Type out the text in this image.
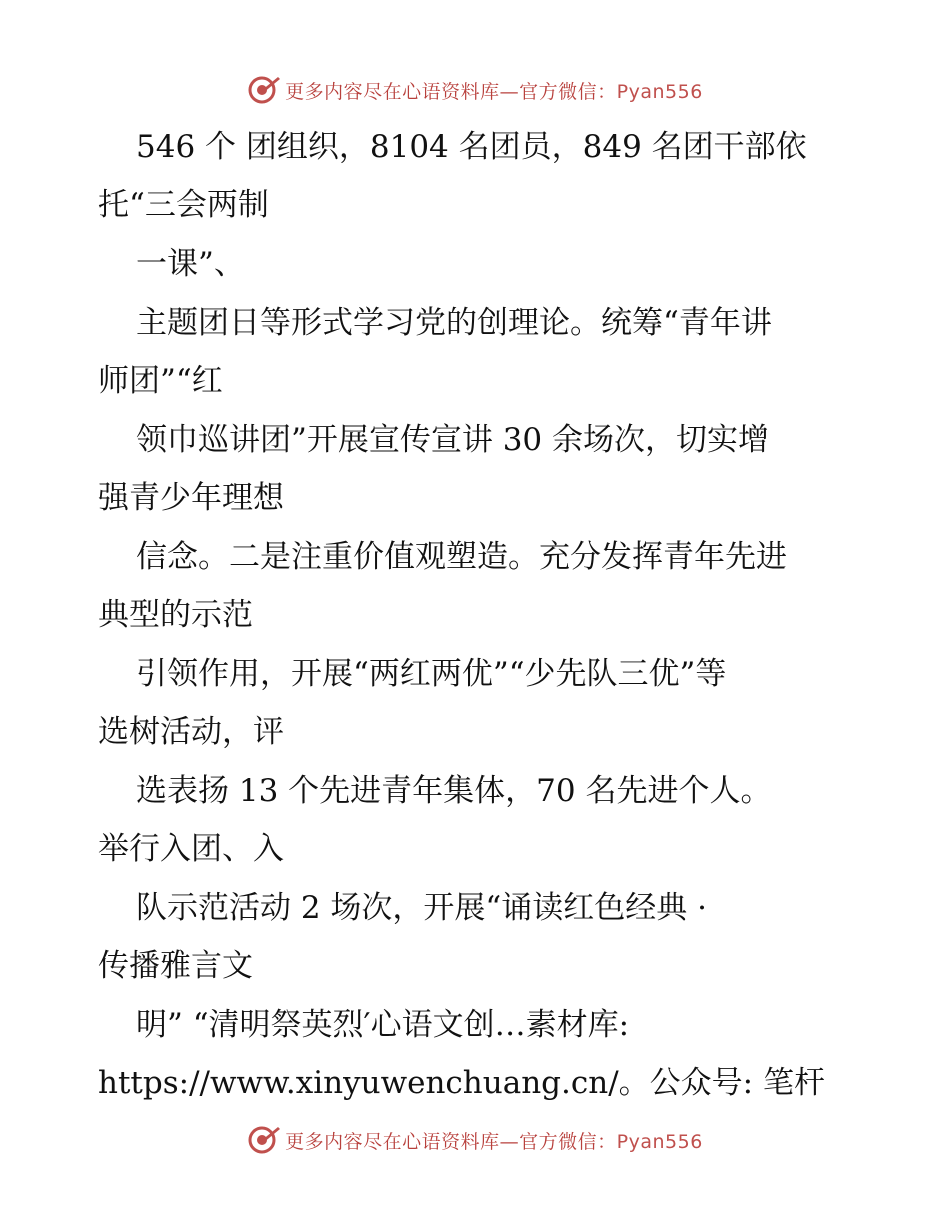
更多内容尽在心语资料库—官方微信：Pyan556
546 个 团组织，8104 名团员，849 名团干部依
托“三会两制
一课”、
主题团日等形式学习党的创理论。统筹“青年讲
师团”“红
领巾巡讲团”开展宣传宣讲 30 余场次，切实增
强青少年理想
信念。二是注重价值观塑造。充分发挥青年先进
典型的示范
引领作用，开展“两红两优”“少先队三优”等
选树活动，评
选表扬 13 个先进青年集体，70 名先进个人。
举行入团、入
队示范活动 2 场次，开展“诵读红色经典 ·
传播雅言文
明” “清明祭英烈′心语文创…素材库:
https://www.xinyuwenchuang.cn/。公众号: 笔杆
更多内容尽在心语资料库—官方微信：Pyan556
